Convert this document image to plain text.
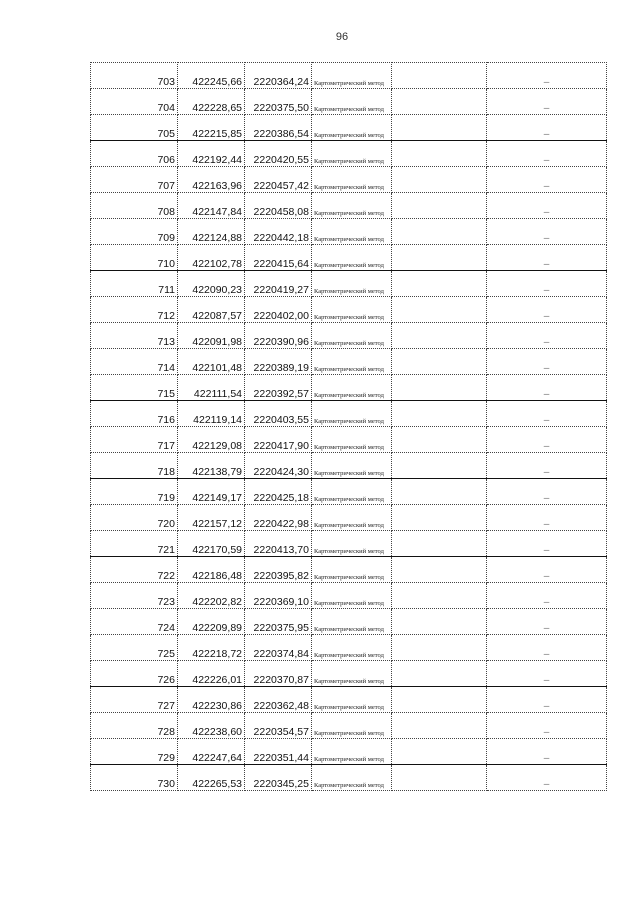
96
703	422245,66	2220364,24	Картометрический метод		–
704	422228,65	2220375,50	Картометрический метод		–
705	422215,85	2220386,54	Картометрический метод		–
706	422192,44	2220420,55	Картометрический метод		–
707	422163,96	2220457,42	Картометрический метод		–
708	422147,84	2220458,08	Картометрический метод		–
709	422124,88	2220442,18	Картометрический метод		–
710	422102,78	2220415,64	Картометрический метод		–
711	422090,23	2220419,27	Картометрический метод		–
712	422087,57	2220402,00	Картометрический метод		–
713	422091,98	2220390,96	Картометрический метод		–
714	422101,48	2220389,19	Картометрический метод		–
715	422111,54	2220392,57	Картометрический метод		–
716	422119,14	2220403,55	Картометрический метод		–
717	422129,08	2220417,90	Картометрический метод		–
718	422138,79	2220424,30	Картометрический метод		–
719	422149,17	2220425,18	Картометрический метод		–
720	422157,12	2220422,98	Картометрический метод		–
721	422170,59	2220413,70	Картометрический метод		–
722	422186,48	2220395,82	Картометрический метод		–
723	422202,82	2220369,10	Картометрический метод		–
724	422209,89	2220375,95	Картометрический метод		–
725	422218,72	2220374,84	Картометрический метод		–
726	422226,01	2220370,87	Картометрический метод		–
727	422230,86	2220362,48	Картометрический метод		–
728	422238,60	2220354,57	Картометрический метод		–
729	422247,64	2220351,44	Картометрический метод		–
730	422265,53	2220345,25	Картометрический метод		–
